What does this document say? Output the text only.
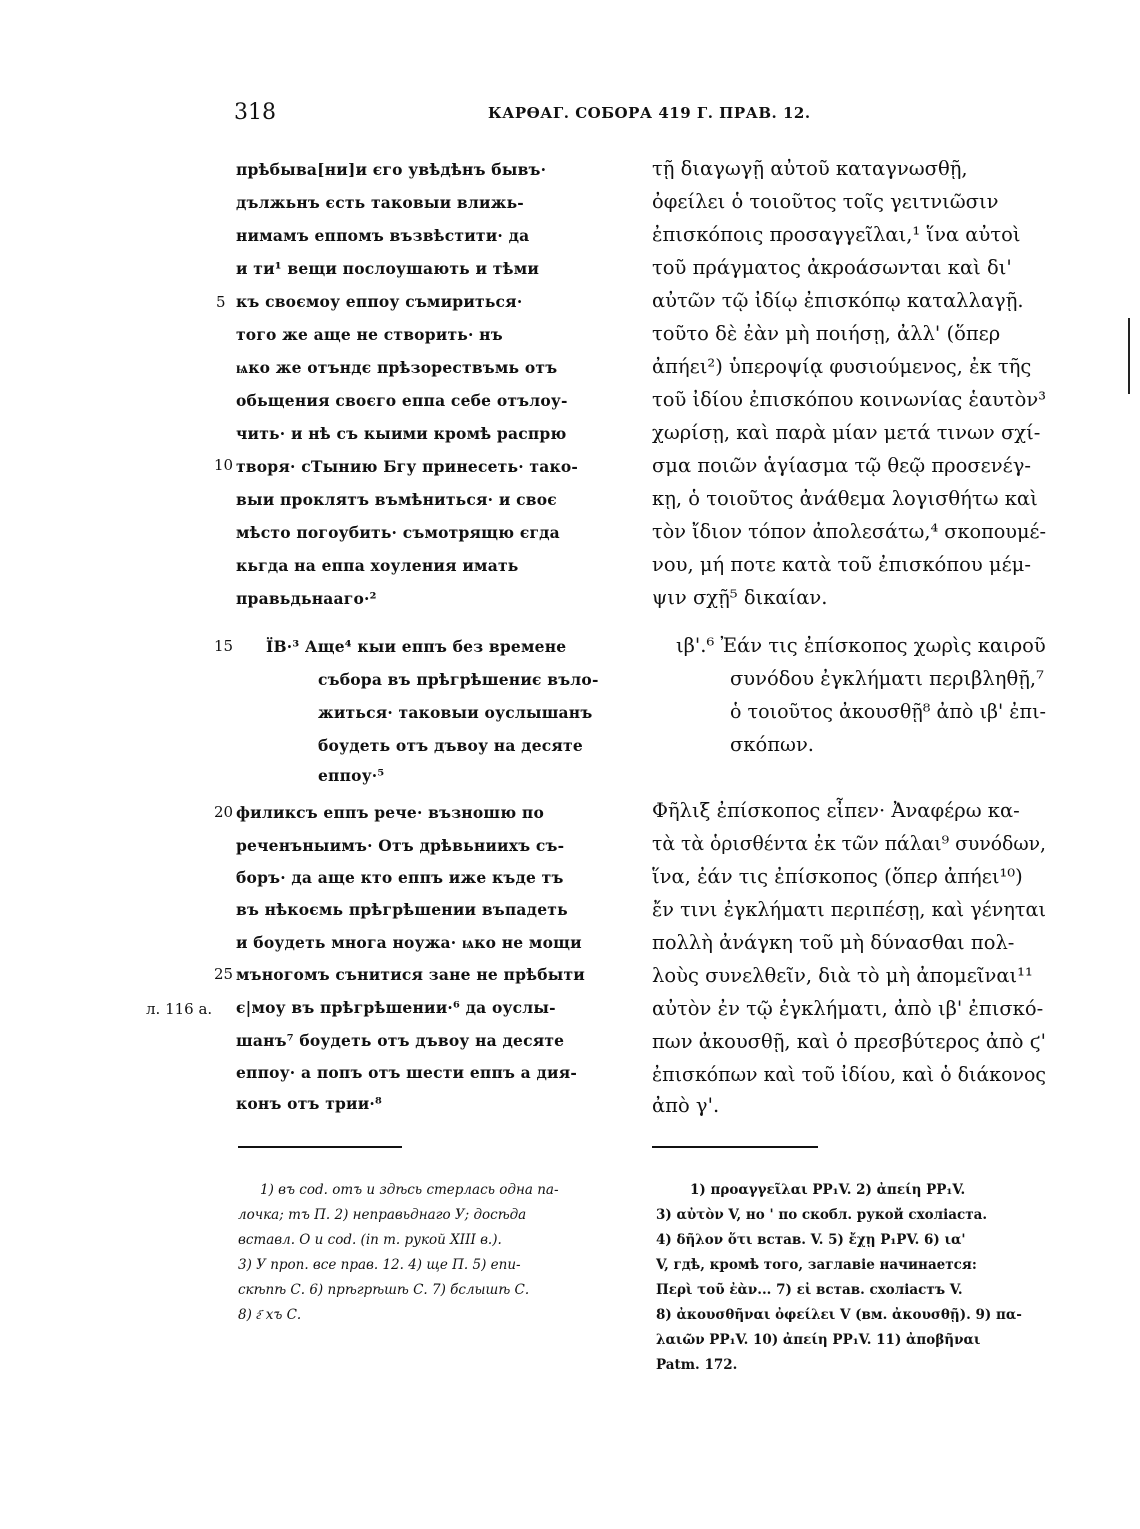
318	КАРѲАГ. СОБОРА 419 Г. ПРАВ. 12.
5
10
15
20
25
л. 116 а.
прѣбыва[ни]и єго увѣдѣнъ бывъ·
дължьнъ єсть таковыи влижь-
нимамъ еппомъ възвѣстити· да
и ти¹ вещи послоушають и тѣми
къ своємоу еппоу съмириться·
того же аще не створить· нъ
ѩко же отъндє прѣзорествъмь отъ
обьщения своєго еппа себе отълоу-
чить· и нѣ съ кыими кромѣ распрю
творя· сТынию Бгу принесеть· тако-
выи проклятъ въмѣниться· и своє
мѣсто погоубить· съмотрящю єгда
кьгда на еппа хоуления имать
правьдьнааго·²
ЇВ·³ Аще⁴ кыи еппъ без времене
събора въ прѣгрѣшениє въло-
житься· таковыи оуслышанъ
боудеть отъ дъвоу на десяте
еппоу·⁵
филиксъ еппъ рече· възношю по
реченъныимъ· Отъ дрѣвьниихъ съ-
боръ· да аще кто еппъ иже къде тъ
въ нѣкоємь прѣгрѣшении въпадеть
и боудеть многа ноужа· ѩко не мощи
мъногомъ сънитися зане не прѣбыти
є|моу въ прѣгрѣшении·⁶ да оуслы-
шанъ⁷ боудеть отъ дъвоу на десяте
еппоу· а попъ отъ шести еппъ а дия-
конъ отъ трии·⁸
τῇ διαγωγῇ αὐτοῦ καταγνωσθῇ,
ὀφείλει ὁ τοιοῦτος τοῖς γειτνιῶσιν
ἐπισκόποις προσαγγεῖλαι,¹ ἵνα αὐτοὶ
τοῦ πράγματος ἀκροάσωνται καὶ δι'
αὐτῶν τῷ ἰδίῳ ἐπισκόπῳ καταλλαγῇ.
τοῦτο δὲ ἐὰν μὴ ποιήσῃ, ἀλλ' (ὅπερ
ἀπήει²) ὑπεροψίᾳ φυσιούμενος, ἐκ τῆς
τοῦ ἰδίου ἐπισκόπου κοινωνίας ἑαυτὸν³
χωρίσῃ, καὶ παρὰ μίαν μετά τινων σχί-
σμα ποιῶν ἁγίασμα τῷ θεῷ προσενέγ-
κῃ, ὁ τοιοῦτος ἀνάθεμα λογισθήτω καὶ
τὸν ἴδιον τόπον ἀπολεσάτω,⁴ σκοπουμέ-
νου, μή ποτε κατὰ τοῦ ἐπισκόπου μέμ-
ψιν σχῇ⁵ δικαίαν.
ιβ'.⁶ Ἐάν τις ἐπίσκοπος χωρὶς καιροῦ
συνόδου ἐγκλήματι περιβληθῇ,⁷
ὁ τοιοῦτος ἀκουσθῇ⁸ ἀπὸ ιβ' ἐπι-
σκόπων.
Φῆλιξ ἐπίσκοπος εἶπεν· Ἀναφέρω κα-
τὰ τὰ ὁρισθέντα ἐκ τῶν πάλαι⁹ συνόδων,
ἵνα, ἐάν τις ἐπίσκοπος (ὅπερ ἀπήει¹⁰)
ἔν τινι ἐγκλήματι περιπέσῃ, καὶ γένηται
πολλὴ ἀνάγκη τοῦ μὴ δύνασθαι πολ-
λοὺς συνελθεῖν, διὰ τὸ μὴ ἀπομεῖναι¹¹
αὐτὸν ἐν τῷ ἐγκλήματι, ἀπὸ ιβ' ἐπισκό-
πων ἀκουσθῇ, καὶ ὁ πρεσβύτερος ἀπὸ ϛ'
ἐπισκόπων καὶ τοῦ ἰδίου, καὶ ὁ διάκονος
ἀπὸ γ'.
1) въ cod. отъ и здѣсь стерлась одна па-
лочка; тъ П. 2) неправьднаго У; досѣда
вставл. О и cod. (in m. рукой XIII в.).
3) У проп. все прав. 12. 4) ще П. 5) епи-
скѣпѣ С. 6) прѣгрѣшѣ С. 7) бслышѣ С.
8) г҃ хъ С.
1) προαγγεῖλαι PP₁V. 2) ἀπείη PP₁V.
3) αὐτὸν V, но ' по скобл. рукой схоліаста.
4) δῆλον ὅτι встав. V. 5) ἔχῃ P₁PV. 6) ια'
V, гдѣ, кромѣ того, заглавіе начинается:
Περὶ τοῦ ἐὰν... 7) εἰ встав. схоліастъ V.
8) ἀκουσθῆναι ὀφείλει V (вм. ἀκουσθῇ). 9) πα-
λαιῶν PP₁V. 10) ἀπείη PP₁V. 11) ἀποβῆναι
Patm. 172.
